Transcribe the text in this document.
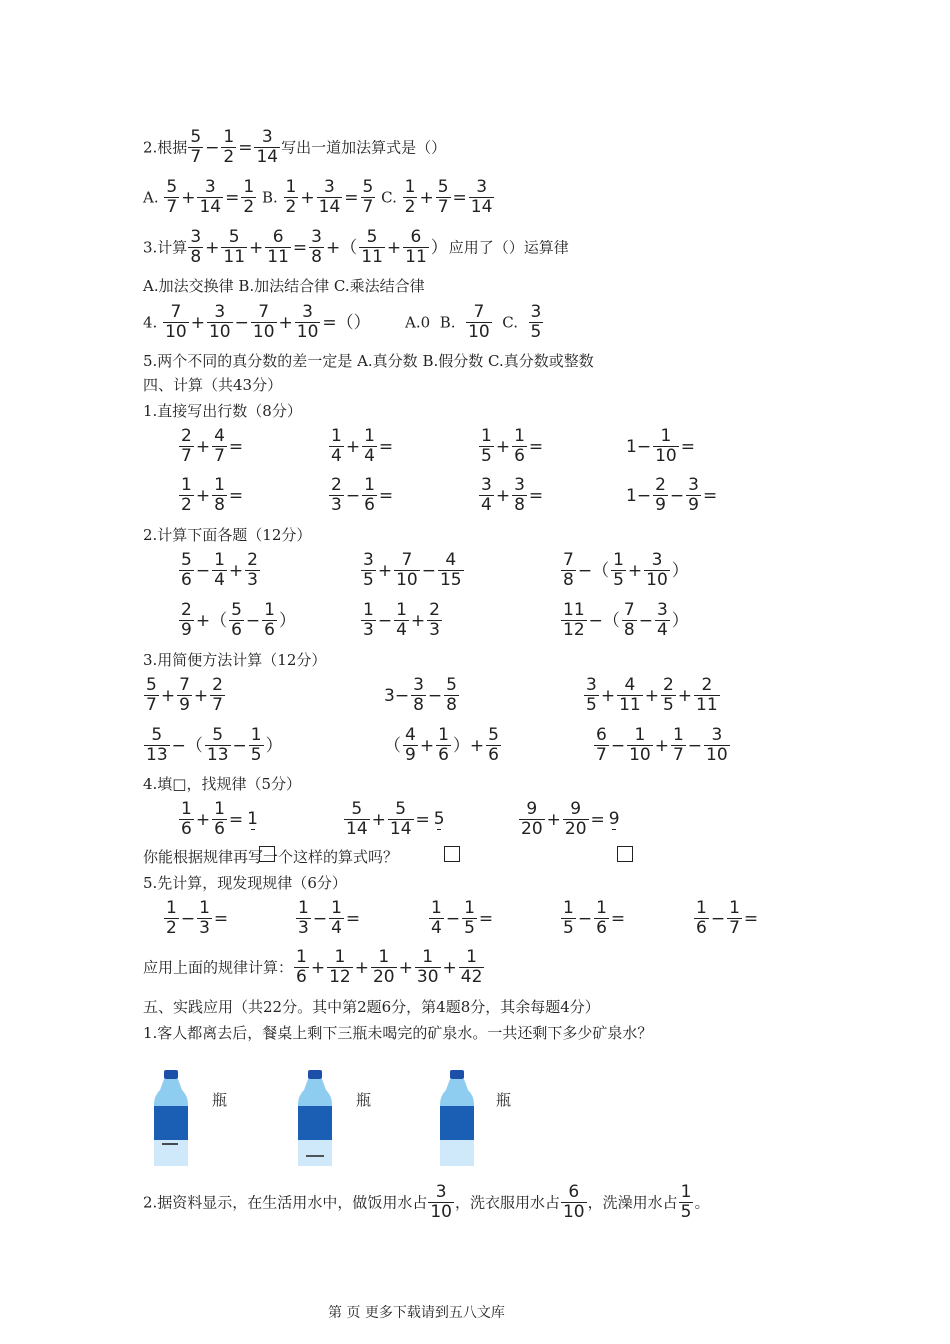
2.根据 $\frac{5}{7} - \frac{1}{2} = \frac{3}{14}$ 写出一道加法算式是（）
A. $\frac{5}{7} + \frac{3}{14} = \frac{1}{2} B$. $\frac{1}{2} + \frac{3}{14} = \frac{5}{7} C$. $\frac{1}{2} + \frac{5}{7} = \frac{3}{14}$
3.计算 $\frac{3}{8} + \frac{5}{11} + \frac{6}{11} = \frac{3}{8}$ +（ $\frac{5}{11} + \frac{6}{11}$ ）应用了（）运算律
A.加法交换律 B.加法结合律 C.乘法结合律
4. $\frac{7}{10} + \frac{3}{10} - \frac{7}{10} + \frac{3}{10}$ =（） A.0 B. $\frac{7}{10} C$. $\frac{3}{5}$
5.两个不同的真分数的差一定是 A.真分数 B.假分数 C.真分数或整数
四、计算（共43分）
1.直接写出行数（8分）
$\frac{2}{7} + \frac{4}{7}$ =	$\frac{1}{4} + \frac{1}{4}$ =	$\frac{1}{5} + \frac{1}{6}$ =	$1- \frac{1}{10}$ =
$\frac{1}{2} + \frac{1}{8}$ =	$\frac{2}{3} - \frac{1}{6}$ =	$\frac{3}{4} + \frac{3}{8}$ =	$1- \frac{2}{9} - \frac{3}{9}$ =
2.计算下面各题（12分）
$\frac{5}{6} - \frac{1}{4} + \frac{2}{3}$	$\frac{3}{5} + \frac{7}{10} - \frac{4}{15}$	$\frac{7}{8}$ −（ $\frac{1}{5} + \frac{3}{10}$ ）
$\frac{2}{9}$ +（ $\frac{5}{6} - \frac{1}{6}$ ）	$\frac{1}{3} - \frac{1}{4} + \frac{2}{3}$	$\frac{11}{12}$ −（ $\frac{7}{8} - \frac{3}{4}$ ）
3.用简便方法计算（12分）
$\frac{5}{7} + \frac{7}{9} + \frac{2}{7}$	$3- \frac{3}{8} - \frac{5}{8}$	$\frac{3}{5} + \frac{4}{11} + \frac{2}{5} + \frac{2}{11}$
$\frac{5}{13}$ −（ $\frac{5}{13} - \frac{1}{5}$ ）	（ $\frac{4}{9} + \frac{1}{6}$ ）+ $\frac{5}{6}$	$\frac{6}{7} - \frac{1}{10} + \frac{1}{7} - \frac{3}{10}$
4.填□，找规律（5分）
$\frac{1}{6} + \frac{1}{6} = 1$	$\frac{5}{14} + \frac{5}{14} = 5$	$\frac{9}{20} + \frac{9}{20} = 9$
你能根据规律再写一个这样的算式吗？
5.先计算，现发现规律（6分）
$\frac{1}{2} - \frac{1}{3}$ =	$\frac{1}{3} - \frac{1}{4}$ =	$\frac{1}{4} - \frac{1}{5}$ =	$\frac{1}{5} - \frac{1}{6}$ =	$\frac{1}{6} - \frac{1}{7}$ =
应用上面的规律计算： $\frac{1}{6} + \frac{1}{12} + \frac{1}{20} + \frac{1}{30} + \frac{1}{42}$
五、实践应用（共22分。其中第2题6分，第4题8分，其余每题4分）
1.客人都离去后，餐桌上剩下三瓶未喝完的矿泉水。一共还剩下多少矿泉水？
瓶	瓶	瓶
2.据资料显示，在生活用水中，做饭用水占 $\frac{3}{10}$ ，洗衣服用水占 $\frac{6}{10}$ ，洗澡用水占 $\frac{1}{5}$ 。
第 页 更多下载请到五八文库
